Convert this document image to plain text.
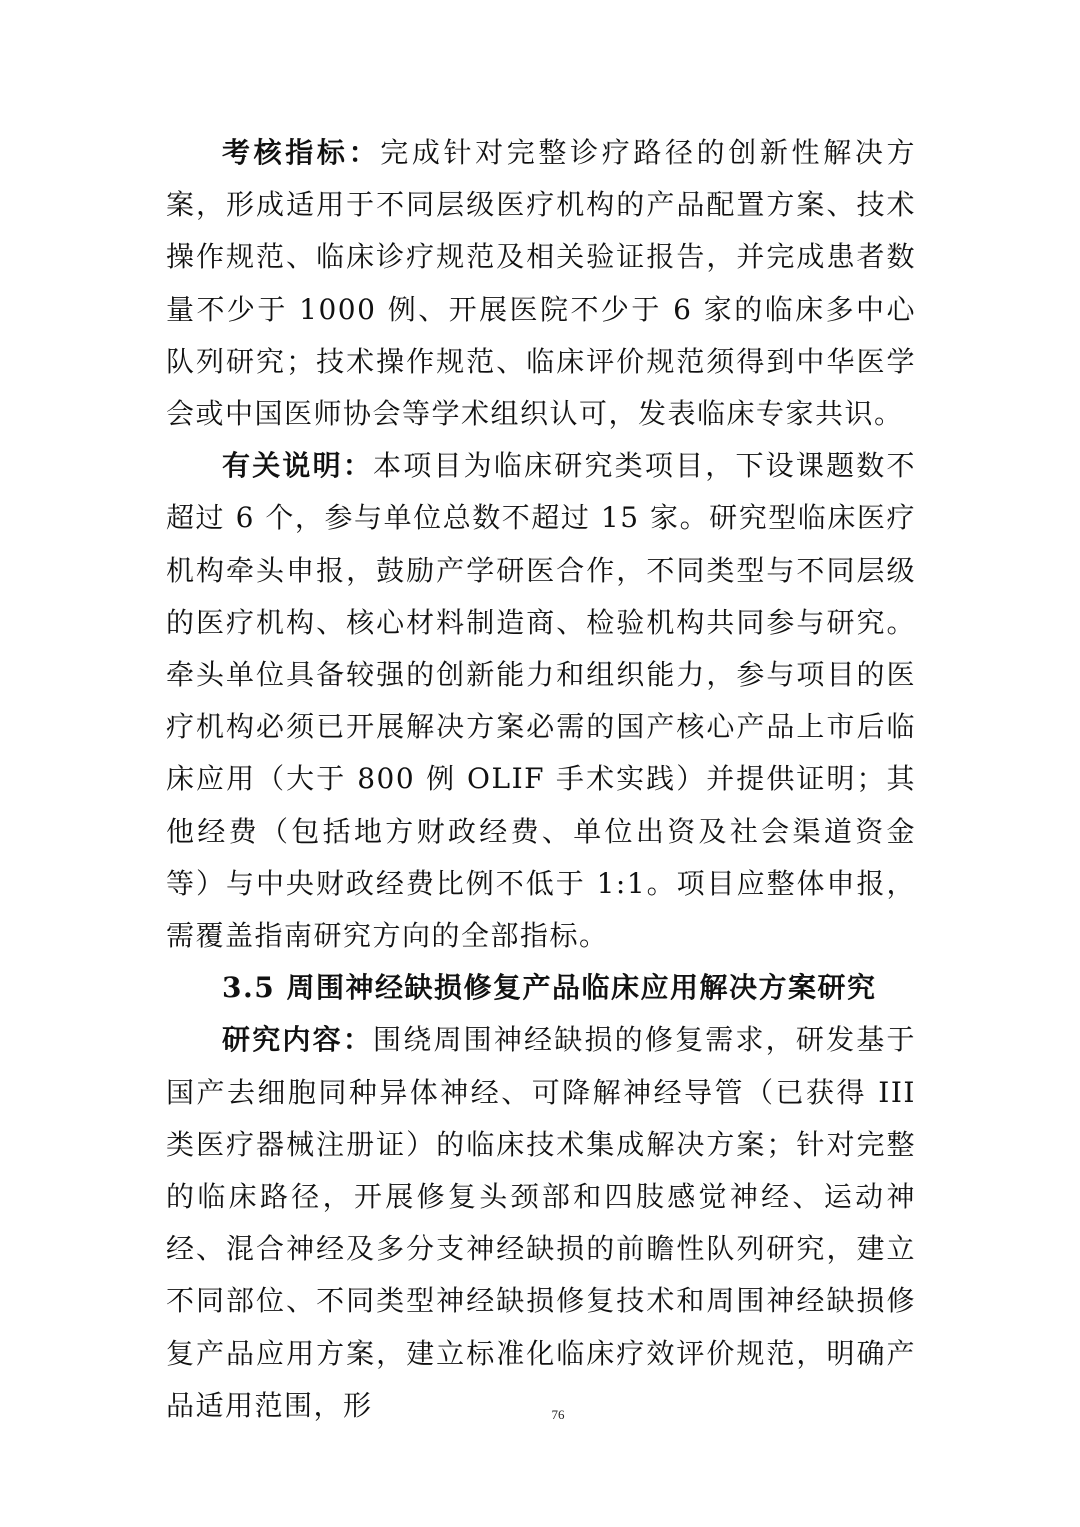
考核指标：完成针对完整诊疗路径的创新性解决方案，形成适用于不同层级医疗机构的产品配置方案、技术操作规范、临床诊疗规范及相关验证报告，并完成患者数量不少于 1000 例、开展医院不少于 6 家的临床多中心队列研究；技术操作规范、临床评价规范须得到中华医学会或中国医师协会等学术组织认可，发表临床专家共识。

有关说明：本项目为临床研究类项目，下设课题数不超过 6 个，参与单位总数不超过 15 家。研究型临床医疗机构牵头申报，鼓励产学研医合作，不同类型与不同层级的医疗机构、核心材料制造商、检验机构共同参与研究。牵头单位具备较强的创新能力和组织能力，参与项目的医疗机构必须已开展解决方案必需的国产核心产品上市后临床应用（大于 800 例 OLIF 手术实践）并提供证明；其他经费（包括地方财政经费、单位出资及社会渠道资金等）与中央财政经费比例不低于 1:1。项目应整体申报，需覆盖指南研究方向的全部指标。

3.5 周围神经缺损修复产品临床应用解决方案研究

研究内容：围绕周围神经缺损的修复需求，研发基于国产去细胞同种异体神经、可降解神经导管（已获得 III 类医疗器械注册证）的临床技术集成解决方案；针对完整的临床路径，开展修复头颈部和四肢感觉神经、运动神经、混合神经及多分支神经缺损的前瞻性队列研究，建立不同部位、不同类型神经缺损修复技术和周围神经缺损修复产品应用方案，建立标准化临床疗效评价规范，明确产品适用范围，形	76
